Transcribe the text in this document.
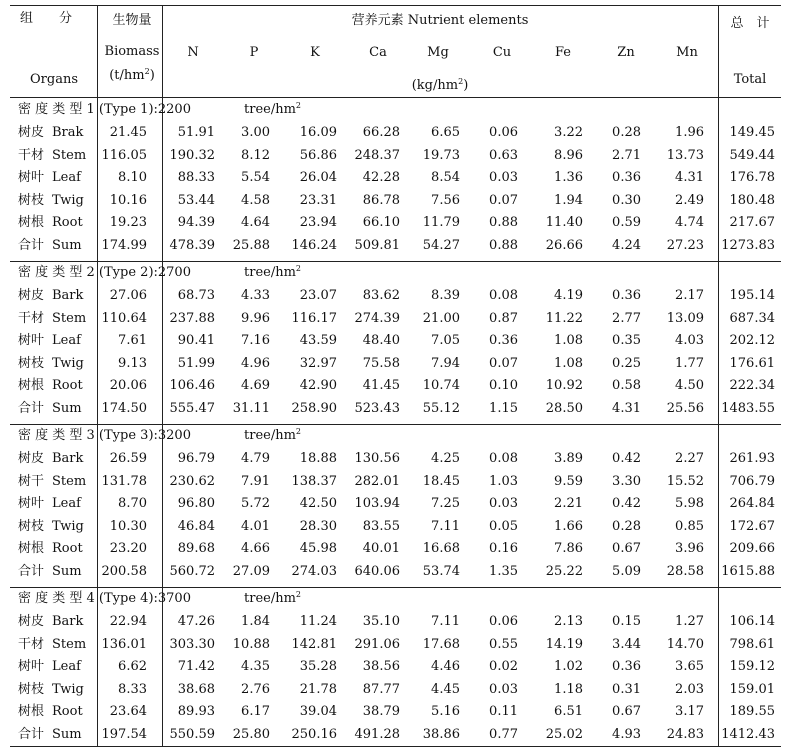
组　　分
Organs
生物量
Biomass
$(t/hm^2)$
营养元素 Nutrient elements
N	P	K	Ca	Mg	Cu	Fe	Zn	Mn
$(kg/hm^2)$
总　计
Total
密 度 类 型 1 (Type 1):2200	tree/$hm^2$
树皮 Brak 21.45 51.91 3.00 16.09 66.28 6.65 0.06	3.22 0.28	1.96 149.45
干材 Stem 116.05 190.32 8.12 56.86 248.37 19.73 0.63	8.96 2.71 13.73 549.44
树叶 Leaf	8.10 88.33 5.54 26.04 42.28 8.54 0.03	1.36 0.36	4.31 176.78
树枝 Twig 10.16 53.44 4.58 23.31 86.78 7.56 0.07	1.94 0.30	2.49 180.48
树根 Root 19.23 94.39 4.64 23.94 66.10 11.79 0.88 11.40 0.59	4.74 217.67
合计 Sum 174.99 478.39 25.88 146.24 509.81 54.27 0.88 26.66 4.24 27.23 1273.83
密 度 类 型 2 (Type 2):2700	tree/$hm^2$
树皮 Bark 27.06 68.73 4.33 23.07 83.62 8.39 0.08	4.19 0.36	2.17 195.14
干材 Stem 110.64 237.88 9.96 116.17 274.39 21.00 0.87 11.22 2.77 13.09 687.34
树叶 Leaf	7.61 90.41 7.16 43.59 48.40 7.05 0.36	1.08 0.35	4.03 202.12
树枝 Twig	9.13 51.99 4.96 32.97 75.58 7.94 0.07	1.08 0.25	1.77 176.61
树根 Root 20.06 106.46 4.69 42.90 41.45 10.74 0.10 10.92 0.58	4.50 222.34
合计 Sum 174.50 555.47 31.11 258.90 523.43 55.12 1.15 28.50 4.31 25.56 1483.55
密 度 类 型 3 (Type 3):3200	tree/$hm^2$
树皮 Bark 26.59 96.79 4.79 18.88 130.56 4.25 0.08	3.89 0.42	2.27 261.93
树干 Stem 131.78 230.62 7.91 138.37 282.01 18.45 1.03	9.59 3.30 15.52 706.79
树叶 Leaf	8.70 96.80 5.72 42.50 103.94 7.25 0.03	2.21 0.42	5.98 264.84
树枝 Twig 10.30 46.84 4.01 28.30 83.55 7.11 0.05	1.66 0.28	0.85 172.67
树根 Root 23.20 89.68 4.66 45.98 40.01 16.68 0.16	7.86 0.67	3.96 209.66
合计 Sum 200.58 560.72 27.09 274.03 640.06 53.74 1.35 25.22 5.09 28.58 1615.88
密 度 类 型 4 (Type 4):3700	tree/$hm^2$
树皮 Bark 22.94 47.26 1.84 11.24 35.10 7.11 0.06	2.13 0.15	1.27 106.14
干材 Stem 136.01 303.30 10.88 142.81 291.06 17.68 0.55 14.19 3.44 14.70 798.61
树叶 Leaf	6.62 71.42 4.35 35.28 38.56 4.46 0.02	1.02 0.36	3.65 159.12
树枝 Twig	8.33 38.68 2.76 21.78 87.77 4.45 0.03	1.18 0.31	2.03 159.01
树根 Root 23.64 89.93 6.17 39.04 38.79 5.16 0.11	6.51 0.67	3.17 189.55
合计 Sum 197.54 550.59 25.80 250.16 491.28 38.86 0.77 25.02 4.93 24.83 1412.43
